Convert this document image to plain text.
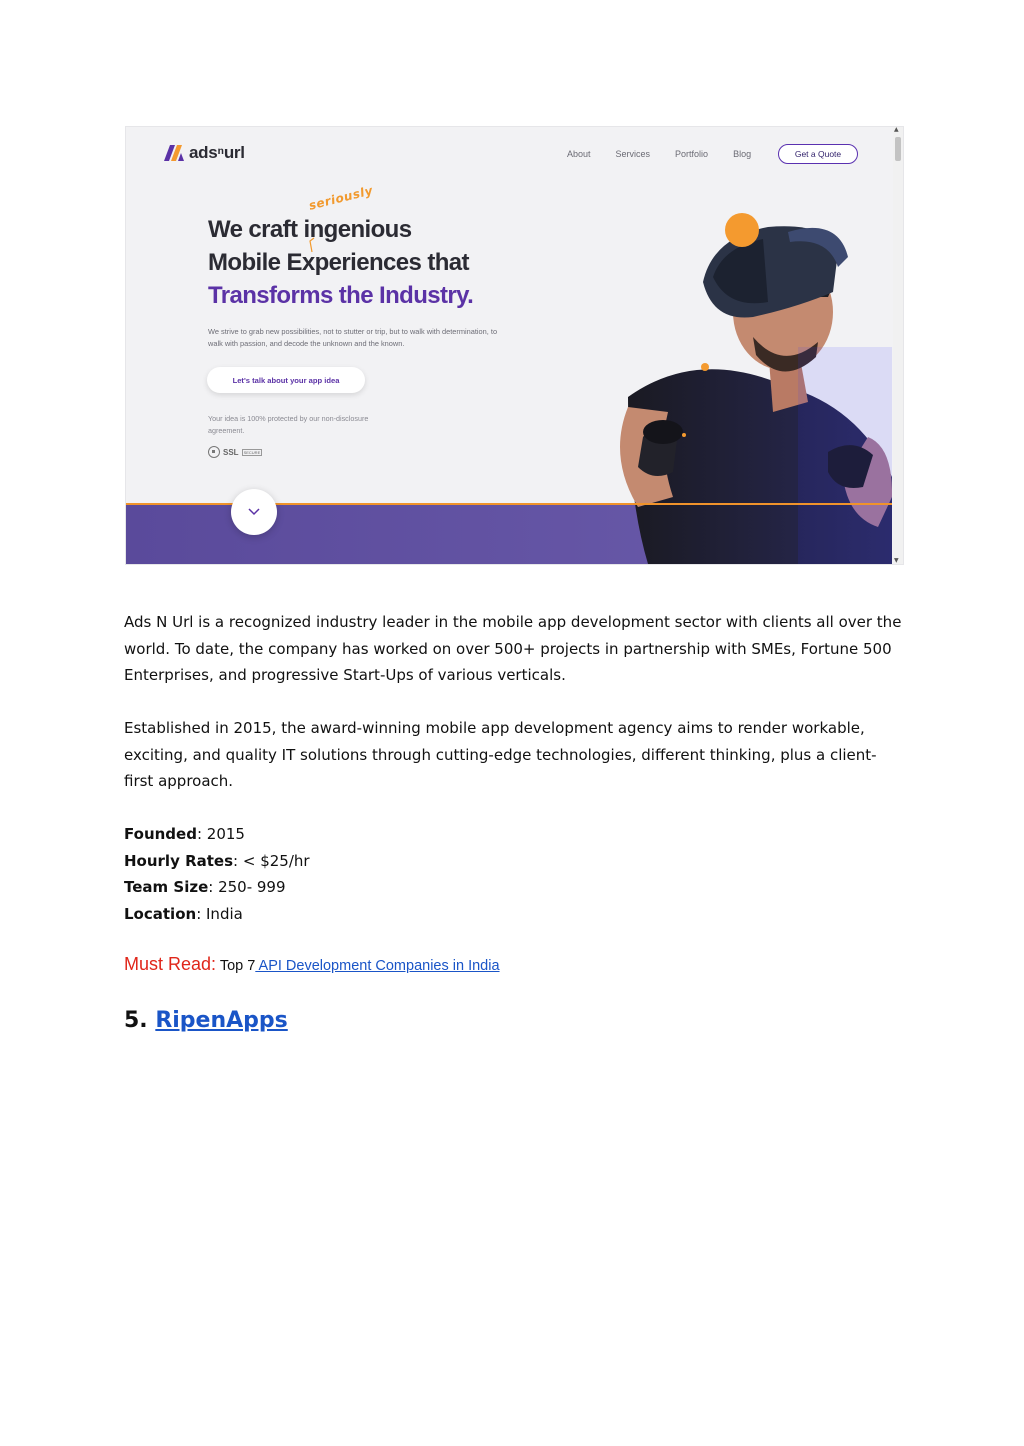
adsⁿurl	About	Services	Portfolio	Blog	Get a Quote
seriously
We craft ingenious
Mobile Experiences that
Transforms the Industry.
We strive to grab new possibilities, not to stutter or trip, but to walk with determination, to walk with passion, and decode the unknown and the known.
Let's talk about your app idea
Your idea is 100% protected by our non-disclosure agreement.
SSL	SECURE
▲
▼

Ads N Url is a recognized industry leader in the mobile app development sector with clients all over the world. To date, the company has worked on over 500+ projects in partnership with SMEs, Fortune 500 Enterprises, and progressive Start-Ups of various verticals.

Established in 2015, the award-winning mobile app development agency aims to render workable, exciting, and quality IT solutions through cutting-edge technologies, different thinking, plus a client-first approach.

Founded: 2015
Hourly Rates: < $25/hr
Team Size: 250- 999
Location: India
Must Read: Top 7 API Development Companies in India
5. RipenApps
